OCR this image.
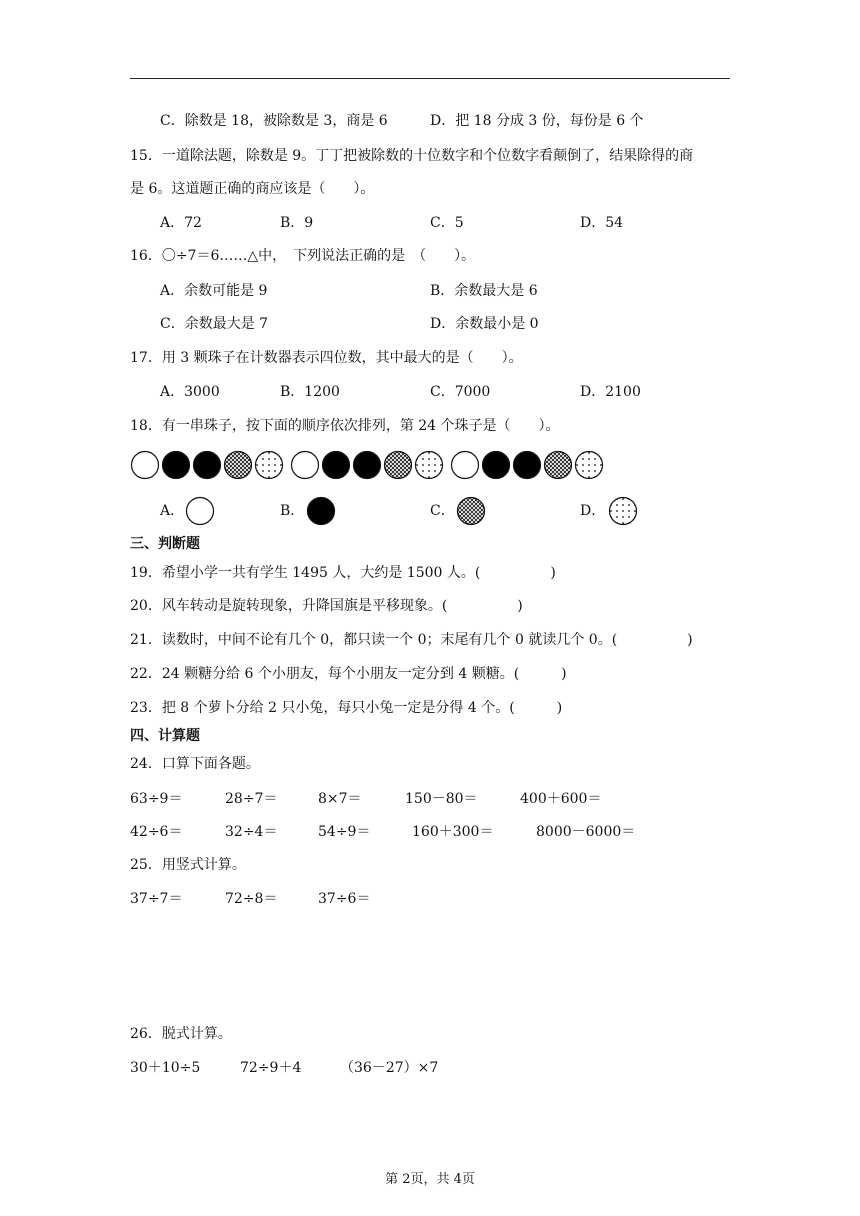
C．除数是 18，被除数是 3，商是 6	D．把 18 分成 3 份，每份是 6 个
15．一道除法题，除数是 9。丁丁把被除数的十位数字和个位数字看颠倒了，结果除得的商
是 6。这道题正确的商应该是（　　）。
A．72	B．9	C．5	D．54
16．〇÷7＝6……△中，　下列说法正确的是　（　　）。
A．余数可能是 9	B．余数最大是 6
C．余数最大是 7	D．余数最小是 0
17．用 3 颗珠子在计数器表示四位数，其中最大的是（　　）。
A．3000	B．1200	C．7000	D．2100
18．有一串珠子，按下面的顺序依次排列，第 24 个珠子是（　　）。
A．	B．	C．	D．
三、判断题
19．希望小学一共有学生 1495 人，大约是 1500 人。(　　　　　)
20．风车转动是旋转现象，升降国旗是平移现象。(　　　　　)
21．读数时，中间不论有几个 0，都只读一个 0；末尾有几个 0 就读几个 0。(　　　　　)
22．24 颗糖分给 6 个小朋友，每个小朋友一定分到 4 颗糖。(　　　)
23．把 8 个萝卜分给 2 只小兔，每只小兔一定是分得 4 个。(　　　)
四、计算题
24．口算下面各题。
63÷9＝	28÷7＝	8×7＝	150－80＝	400＋600＝
42÷6＝	32÷4＝	54÷9＝	160＋300＝	8000－6000＝
25．用竖式计算。
37÷7＝	72÷8＝	37÷6＝
26．脱式计算。
30＋10÷5	72÷9＋4	（36－27）×7
第 2页，共 4页
